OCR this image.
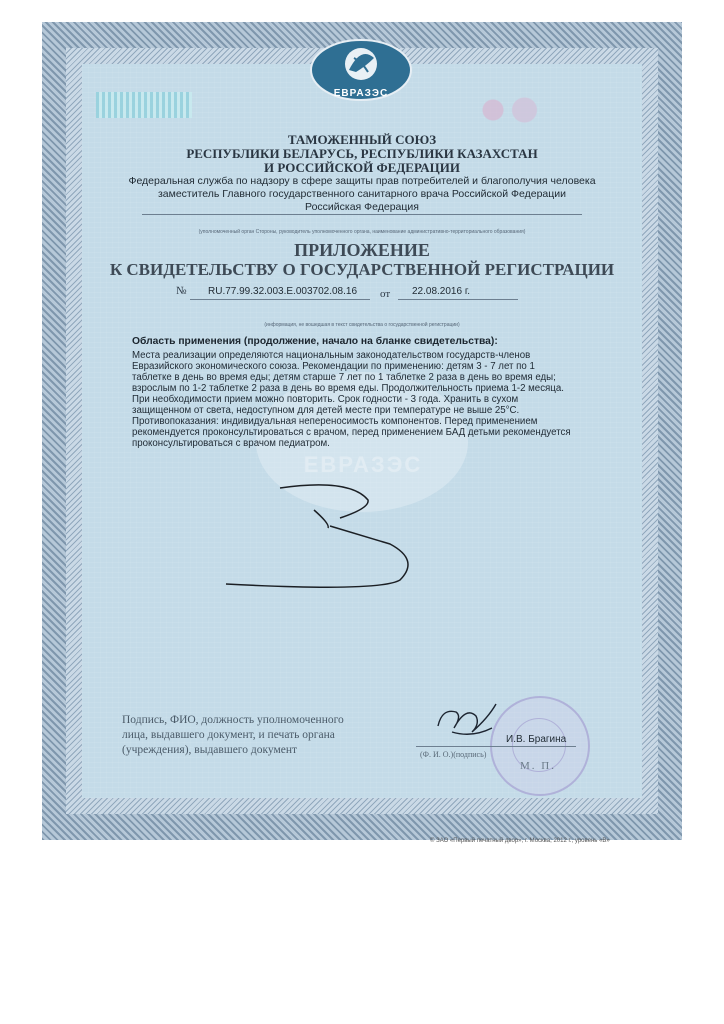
ЕВРАЗЭС
ТАМОЖЕННЫЙ СОЮЗ
РЕСПУБЛИКИ БЕЛАРУСЬ, РЕСПУБЛИКИ КАЗАХСТАН
И РОССИЙСКОЙ ФЕДЕРАЦИИ
Федеральная служба по надзору в сфере защиты прав потребителей и благополучия человека
заместитель Главного государственного санитарного врача Российской Федерации
Российская Федерация
(уполномоченный орган Стороны, руководитель уполномоченного органа, наименование административно-территориального образования)
ПРИЛОЖЕНИЕ
К СВИДЕТЕЛЬСТВУ О ГОСУДАРСТВЕННОЙ РЕГИСТРАЦИИ
№ RU.77.99.32.003.E.003702.08.16 от 22.08.2016 г.
(информация, не вошедшая в текст свидетельства о государственной регистрации)
ЕВРАЗЭС
Область применения (продолжение, начало на бланке свидетельства):
Места реализации определяются национальным законодательством государств-членов
Евразийского экономического союза. Рекомендации по применению: детям 3 - 7 лет по 1
таблетке в день во время еды; детям старше 7 лет по 1 таблетке 2 раза в день во время еды;
взрослым по 1-2 таблетке 2 раза в день во время еды. Продолжительность приема 1-2 месяца.
При необходимости прием можно повторить. Срок годности - 3 года. Хранить в сухом
защищенном от света, недоступном для детей месте при температуре не выше 25°С.
Противопоказания: индивидуальная непереносимость компонентов. Перед применением
рекомендуется проконсультироваться с врачом, перед применением БАД детьми рекомендуется
проконсультироваться с врачом педиатром.
Подпись, ФИО, должность уполномоченного
лица, выдавшего документ, и печать органа
(учреждения), выдавшего документ
И.В. Брагина
(Ф. И. О.)(подпись)
М. П.
© ЗАО «Первый печатный двор», г. Москва, 2012 г., уровень «В»
